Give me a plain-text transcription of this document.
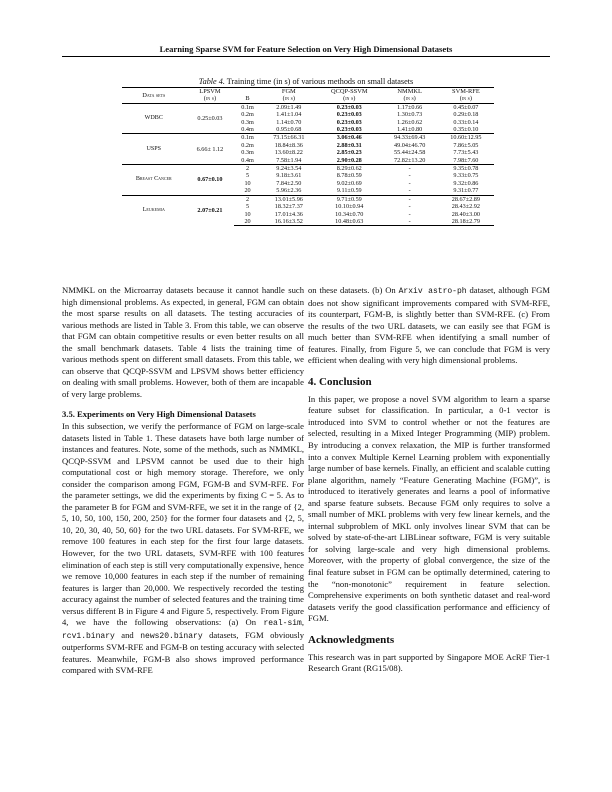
Learning Sparse SVM for Feature Selection on Very High Dimensional Datasets
Table 4. Training time (in s) of various methods on small datasets
Data sets	LPSVM		FGM	QCQP-SSVM	NMMKL	SVM-RFE
	(in s)	B	(in s)	(in s)	(in s)	(in s)
WDBC	0.25±0.03	0.1m	2.09±1.49	0.23±0.03	1.17±0.66	0.45±0.07
		0.2m	1.41±1.04	0.23±0.03	1.30±0.73	0.29±0.18
		0.3m	1.14±0.70	0.23±0.03	1.26±0.62	0.33±0.14
		0.4m	0.95±0.68	0.23±0.03	1.41±0.80	0.35±0.10
USPS	6.66± 1.12	0.1m	73.15±66.31	3.06±0.46	94.33±69.43	10.60±12.95
		0.2m	18.84±8.36	2.88±0.31	49.04±46.70	7.86±5.05
		0.3m	13.60±8.22	2.85±0.23	55.44±24.58	7.73±5.43
		0.4m	7.58±1.94	2.90±0.28	72.82±13.20	7.98±7.60
Breast Cancer	0.67±0.10	2	9.24±3.54	8.29±0.62	-	9.35±0.78
		5	9.18±3.61	8.78±0.59	-	9.33±0.75
		10	7.84±2.50	9.02±0.69	-	9.32±0.86
		20	5.96±2.36	9.11±0.59	-	9.31±0.77
Leukemia	2.07±0.21	2	13.01±5.96	9.71±0.59	-	28.67±2.89
		5	18.32±7.37	10.10±0.94	-	28.43±2.92
		10	17.01±4.36	10.34±0.70	-	28.40±3.00
		20	16.16±3.52	10.48±0.63	-	28.18±2.79

NMMKL on the Microarray datasets because it cannot handle such high dimensional problems. As expected, in general, FGM can obtain the most sparse results on all datasets. The testing accuracies of various methods are listed in Table 3. From this table, we can observe that FGM can obtain competitive results or even better results on all the small benchmark datasets. Table 4 lists the training time of various methods spent on different small datasets. From this table, we can observe that QCQP-SSVM and LPSVM shows better efficiency on dealing with small problems. However, both of them are incapable of very large problems.

3.5. Experiments on Very High Dimensional Datasets

In this subsection, we verify the performance of FGM on large-scale datasets listed in Table 1. These datasets have both large number of instances and features. Note, some of the methods, such as NMMKL, QCQP-SSVM and LPSVM cannot be used due to their high computational cost or high memory storage. Therefore, we only consider the comparison among FGM, FGM-B and SVM-RFE. For the parameter settings, we did the experiments by fixing C = 5. As to the parameter B for FGM and SVM-RFE, we set it in the range of {2, 5, 10, 50, 100, 150, 200, 250} for the former four datasets and {2, 5, 10, 20, 30, 40, 50, 60} for the two URL datasets. For SVM-RFE, we remove 100 features in each step for the first four large datasets. However, for the two URL datasets, SVM-RFE with 100 features elimination of each step is still very computationally expensive, hence we remove 10,000 features in each step if the number of remaining features is larger than 20,000. We respectively recorded the testing accuracy against the number of selected features and the training time versus different B in Figure 4 and Figure 5, respectively. From Figure 4, we have the following observations: (a) On real-sim, rcv1.binary and news20.binary datasets, FGM obviously outperforms SVM-RFE and FGM-B on testing accuracy with selected features. Meanwhile, FGM-B also shows improved performance compared with SVM-RFE

on these datasets. (b) On Arxiv astro-ph dataset, although FGM does not show significant improvements compared with SVM-RFE, its counterpart, FGM-B, is slightly better than SVM-RFE. (c) From the results of the two URL datasets, we can easily see that FGM is much better than SVM-RFE when identifying a small number of features. Finally, from Figure 5, we can conclude that FGM is very efficient when dealing with very high dimensional problems.

4. Conclusion

In this paper, we propose a novel SVM algorithm to learn a sparse feature subset for classification. In particular, a 0-1 vector is introduced into SVM to control whether or not the features are selected, resulting in a Mixed Integer Programming (MIP) problem. By introducing a convex relaxation, the MIP is further transformed into a convex Multiple Kernel Learning problem with exponentially large number of base kernels. Finally, an efficient and scalable cutting plane algorithm, namely “Feature Generating Machine (FGM)”, is introduced to iteratively generates and learns a pool of informative and sparse feature subsets. Because FGM only requires to solve a small number of MKL problems with very few linear kernels, and the internal subproblem of MKL only involves linear SVM that can be solved by state-of-the-art LIBLinear software, FGM is very suitable for solving large-scale and very high dimensional problems. Moreover, with the property of global convergence, the size of the final feature subset in FGM can be optimally determined, catering to the “non-monotonic” requirement in feature selection. Comprehensive experiments on both synthetic dataset and real-word datasets verify the good classification performance and efficiency of FGM.

Acknowledgments

This research was in part supported by Singapore MOE AcRF Tier-1 Research Grant (RG15/08).
